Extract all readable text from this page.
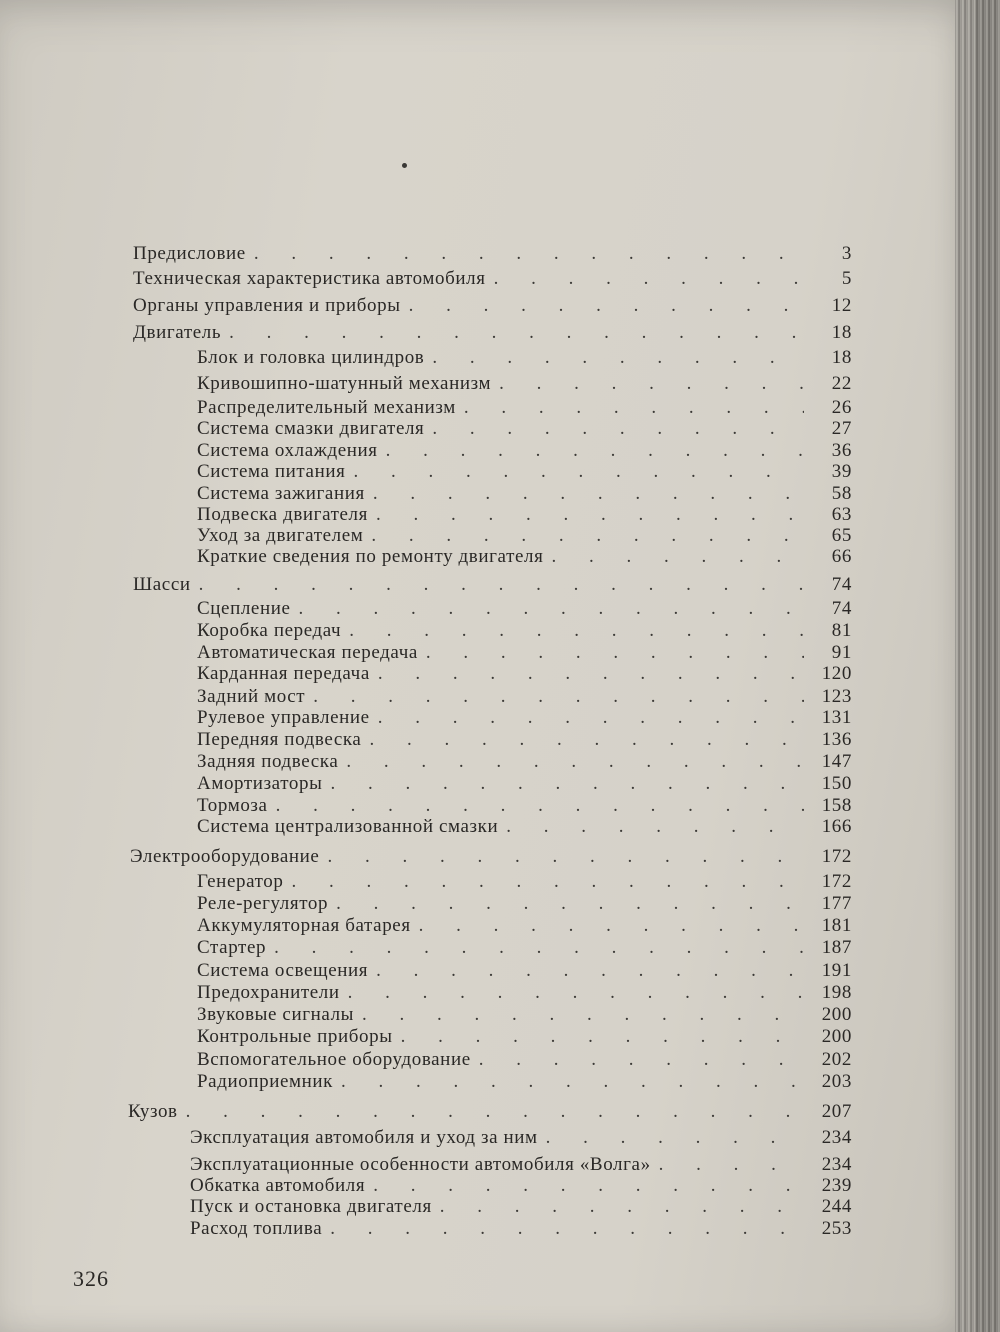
Предисловие . . .	3
Техническая характеристика автомобиля . . .	5
Органы управления и приборы . . .	12
Двигатель . . .	18
Блок и головка цилиндров . . .	18
Кривошипно-шатунный механизм . . .	22
Распределительный механизм . . .	26
Система смазки двигателя . . .	27
Система охлаждения . . .	36
Система питания . . .	39
Система зажигания . . .	58
Подвеска двигателя . . .	63
Уход за двигателем . . .	65
Краткие сведения по ремонту двигателя . . .	66
Шасси . . .	74
Сцепление . . .	74
Коробка передач . . .	81
Автоматическая передача . . .	91
Карданная передача . . .	120
Задний мост . . .	123
Рулевое управление . . .	131
Передняя подвеска . . .	136
Задняя подвеска . . .	147
Амортизаторы . . .	150
Тормоза . . .	158
Система централизованной смазки . . .	166
Электрооборудование . . .	172
Генератор . . .	172
Реле-регулятор . . .	177
Аккумуляторная батарея . . .	181
Стартер . . .	187
Система освещения . . .	191
Предохранители . . .	198
Звуковые сигналы . . .	200
Контрольные приборы . . .	200
Вспомогательное оборудование . . .	202
Радиоприемник . . .	203
Кузов . . .	207
Эксплуатация автомобиля и уход за ним . . .	234
Эксплуатационные особенности автомобиля «Волга» . . .	234
Обкатка автомобиля . . .	239
Пуск и остановка двигателя . . .	244
Расход топлива . . .	253
326
